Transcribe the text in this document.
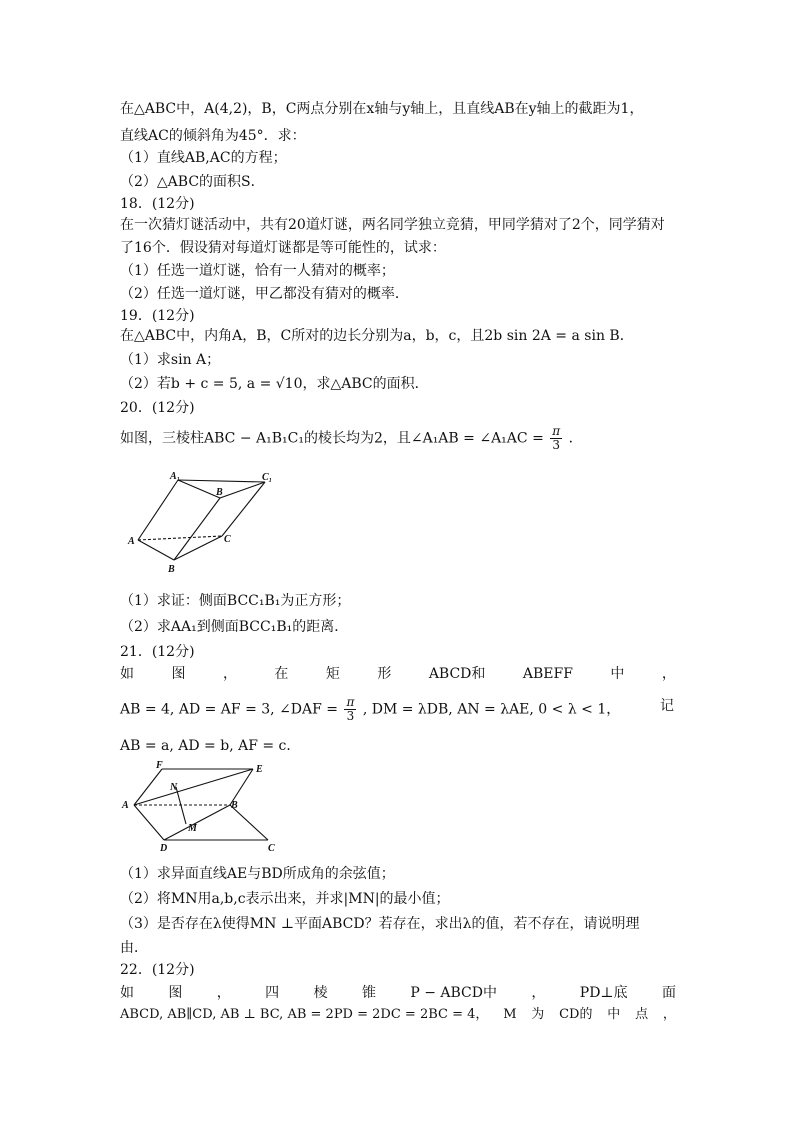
在△ABC中，A(4,2)，B，C两点分别在x轴与y轴上，且直线AB在y轴上的截距为1，
直线AC的倾斜角为45°．求：
（1）直线AB,AC的方程；
（2）△ABC的面积S．
18．(12分)
在一次猜灯谜活动中，共有20道灯谜，两名同学独立竞猜，甲同学猜对了2个，同学猜对
了16个．假设猜对每道灯谜都是等可能性的，试求：
（1）任选一道灯谜，恰有一人猜对的概率；
（2）任选一道灯谜，甲乙都没有猜对的概率．
19．(12分)
在△ABC中，内角A，B，C所对的边长分别为a，b，c，且2b sin 2A = a sin B．
（1）求sin A；
（2）若b + c = 5, a = √10，求△ABC的面积．
20．(12分)
如图，三棱柱ABC − A₁B₁C₁的棱长均为2，且∠A₁AB = ∠A₁AC = $\frac{\pi}{3}$ ．
A₁
B
C₁
A	C
B
（1）求证：侧面BCC₁B₁为正方形；
（2）求AA₁到侧面BCC₁B₁的距离．
21．(12分)
如	图	，	在	矩	形	ABCD和	ABEFF	中	，
AB = 4, AD = AF = 3, ∠DAF = $\frac{\pi}{3}$ , DM = λDB, AN = λAE, 0 < λ < 1，	记
AB = a, AD = b, AF = c．
F	E
N
A	B
M
D	C
（1）求异面直线AE与BD所成角的余弦值；
（2）将MN用a,b,c表示出来，并求|MN|的最小值；
（3）是否存在λ使得MN ⊥平面ABCD？若存在，求出λ的值，若不存在，请说明理
由．
22．(12分)
如 图 ， 四 棱 锥 P − ABCD中 ， PD⊥底 面
ABCD, AB∥CD, AB ⊥ BC, AB = 2PD = 2DC = 2BC = 4， M 为 CD的 中 点 ，
